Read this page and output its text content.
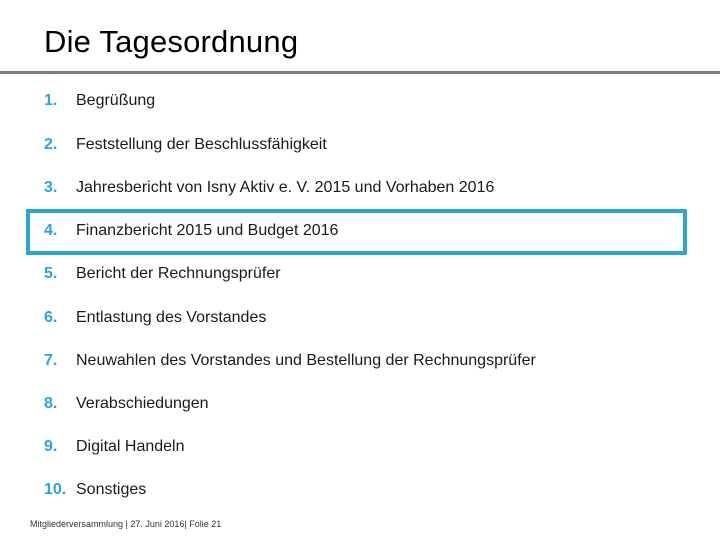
Die Tagesordnung
1. Begrüßung
2. Feststellung der Beschlussfähigkeit
3. Jahresbericht von Isny Aktiv e. V. 2015 und Vorhaben 2016
4. Finanzbericht 2015 und Budget 2016
5. Bericht der Rechnungsprüfer
6. Entlastung des Vorstandes
7. Neuwahlen des Vorstandes und Bestellung der Rechnungsprüfer
8. Verabschiedungen
9. Digital Handeln
10. Sonstiges
Mitgliederversammlung | 27. Juni 2016| Folie 21
